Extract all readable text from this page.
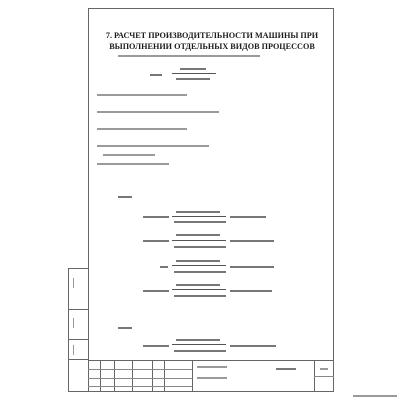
7. РАСЧЕТ ПРОИЗВОДИТЕЛЬНОСТИ МАШИНЫ ПРИ ВЫПОЛНЕНИИ ОТДЕЛЬНЫХ ВИДОВ ПРОЦЕССОВ
